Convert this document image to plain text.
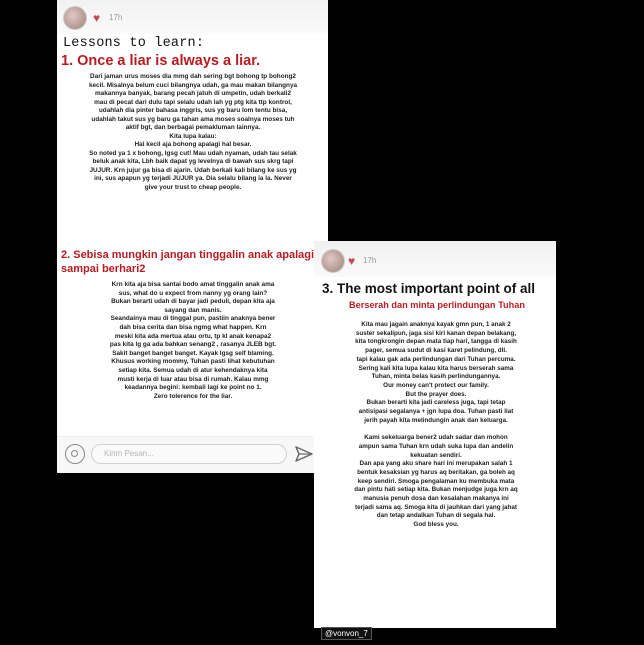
♥ 17h
Lessons to learn:
1. Once a liar is always a liar.

Dari jaman urus moses dia mmg dah sering bgt bohong tp bohong2

kecil. Misalnya belum cuci bilangnya udah, ga mau makan bilangnya

makannya banyak, barang pecah jatuh di umpetin, udah berkali2

mau di pecat dari dulu tapi selalu udah lah yg ptg kita ttp kontrol,

udahlah dia pinter bahasa inggris, sus yg baru lom tentu bisa,

udahlah takut sus yg baru ga tahan ama moses soalnya moses tuh

aktif bgt, dan berbagai pemakluman lainnya.

Kita lupa kalau:

Hal kecil aja bohong apalagi hal besar.

So noted ya 1 x bohong, lgsg cut! Mau udah nyaman, udah tau selak

beluk anak kita, Lbh baik dapat yg levelnya di bawah sus skrg tapi

JUJUR. Krn jujur ga bisa di ajarin. Udah berkali kali bilang ke sus yg

ini, sus apapun yg terjadi JUJUR ya. Dia selalu bilang ia la. Never

give your trust to cheap people.

2. Sebisa mungkin jangan tinggalin anak apalagi sampai berhari2

Krn kita aja bisa santai bodo amat tinggalin anak ama

sus, what do u expect from nanny yg orang lain?

Bukan berarti udah di bayar jadi peduli, depan kita aja

sayang dan manis.

Seandainya mau di tinggal pun, pastiin anaknya bener

dah bisa cerita dan bisa ngmg what happen. Krn

meski kita ada mertua atau ortu, tp kl anak kenapa2

pas kita lg ga ada bahkan senang2 , rasanya JLEB bgt.

Sakit banget banget banget. Kayak lgsg self blaming.

Khusus working mommy, Tuhan pasti lihat kebutuhan

setiap kita. Semua udah di atur kehendaknya kita

musti kerja di luar atau bisa di rumah. Kalau mmg

keadannya begini: kembali lagi ke point no 1.

Zero tolerence for the liar.

Kirim Pesan...
♥ 17h
3. The most important point of all
Berserah dan minta perlindungan Tuhan

Kita mau jagain anaknya kayak gmn pun, 1 anak 2

suster sekalipun, jaga sisi kiri kanan depan belakang,

kita tongkrongin depan mata tiap hari, tangga di kasih

pager, semua sudut di kasi karet pelindung, dll.

tapi kalau gak ada perlindungan dari Tuhan percuma.

Sering kali kita lupa kalau kita harus berserah sama

Tuhan, minta belas kasih perlindungannya.

Our money can't protect our family.

But the prayer does.

Bukan berarti kita jadi careless juga, tapi tetap

antisipasi segalanya + jgn lupa doa. Tuhan pasti liat

jerih payah kita melindungin anak dan keluarga.

Kami sekeluarga bener2 udah sadar dan mohon

ampun sama Tuhan krn udah suka lupa dan andelin

kekuatan sendiri.

Dan apa yang aku share hari ini merupakan salah 1

bentuk kesaksian yg harus aq beritakan, ga boleh aq

keep sendiri. Smoga pengalaman ku membuka mata

dan pintu hati setiap kita. Bukan menjudge juga krn aq

manusia penuh dosa dan kesalahan makanya ini

terjadi sama aq. Smoga kita di jauhkan dari yang jahat

dan tetap andalkan Tuhan di segala hal.

God bless you.

@vonvon_7
